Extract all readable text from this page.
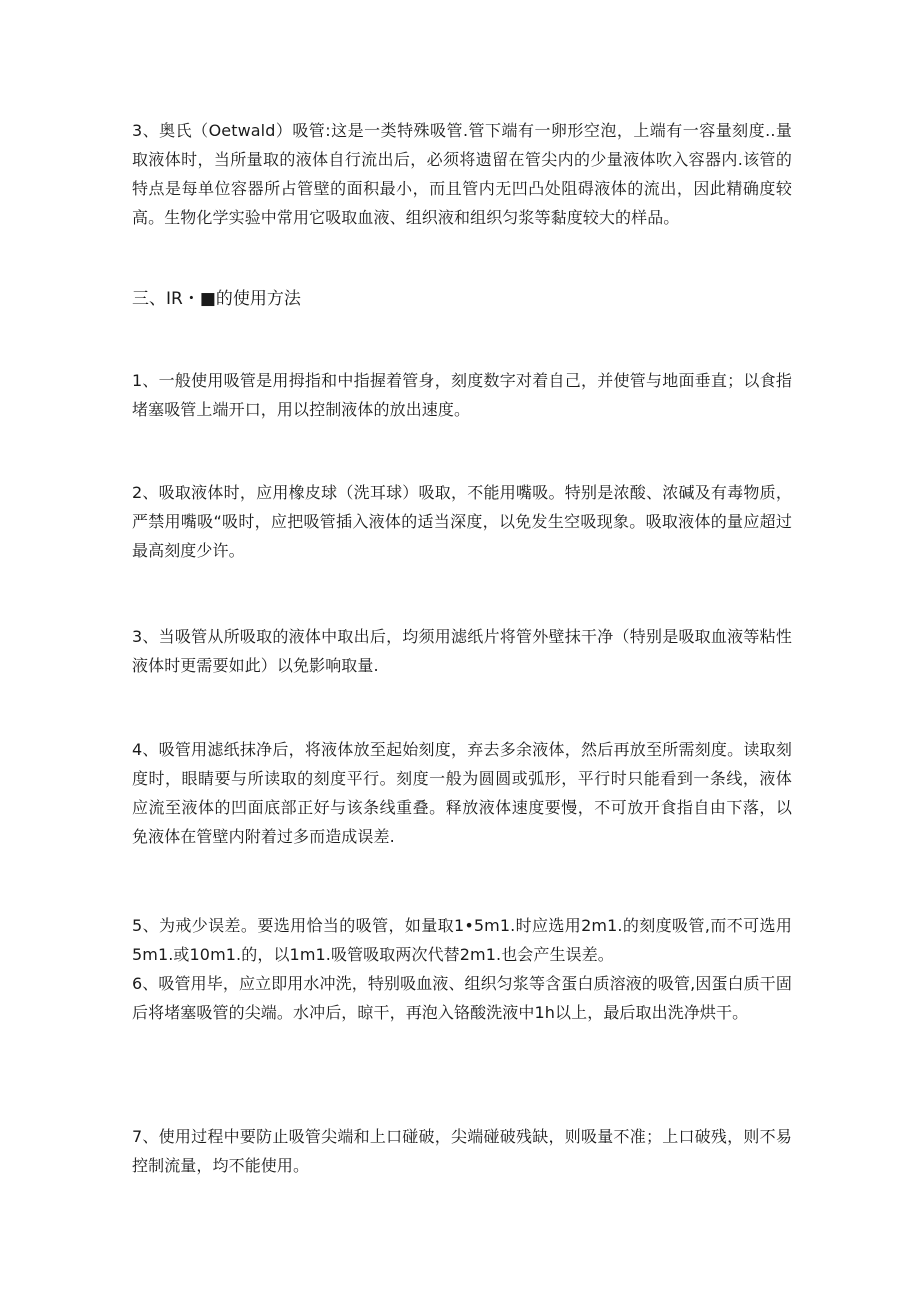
3、奥氏（Oetwald）吸管:这是一类特殊吸管.管下端有一卵形空泡，上端有一容量刻度..量取液体时，当所量取的液体自行流出后，必须将遗留在管尖内的少量液体吹入容器内.该管的特点是每单位容器所占管壁的面积最小，而且管内无凹凸处阻碍液体的流出，因此精确度较高。生物化学实验中常用它吸取血液、组织液和组织匀浆等黏度较大的样品。

三、IR・■的使用方法

1、一般使用吸管是用拇指和中指握着管身，刻度数字对着自己，并使管与地面垂直；以食指堵塞吸管上端开口，用以控制液体的放出速度。

2、吸取液体时，应用橡皮球（洗耳球）吸取，不能用嘴吸。特别是浓酸、浓碱及有毒物质，严禁用嘴吸“吸时，应把吸管插入液体的适当深度，以免发生空吸现象。吸取液体的量应超过最高刻度少许。

3、当吸管从所吸取的液体中取出后，均须用滤纸片将管外壁抹干净（特别是吸取血液等粘性液体时更需要如此）以免影响取量.

4、吸管用滤纸抹净后，将液体放至起始刻度，弃去多余液体，然后再放至所需刻度。读取刻度时，眼睛要与所读取的刻度平行。刻度一般为圆圆或弧形，平行时只能看到一条线，液体应流至液体的凹面底部正好与该条线重叠。释放液体速度要慢，不可放开食指自由下落，以免液体在管壁内附着过多而造成误差.

5、为戒少误差。要选用恰当的吸管，如量取1•5m1.时应选用2m1.的刻度吸管,而不可选用5m1.或10m1.的，以1m1.吸管吸取两次代替2m1.也会产生误差。

6、吸管用毕，应立即用水冲洗，特别吸血液、组织匀浆等含蛋白质溶液的吸管,因蛋白质干固后将堵塞吸管的尖端。水冲后，晾干，再泡入铬酸洗液中1h以上，最后取出洗净烘干。

7、使用过程中要防止吸管尖端和上口碰破，尖端碰破残缺，则吸量不准；上口破残，则不易控制流量，均不能使用。
